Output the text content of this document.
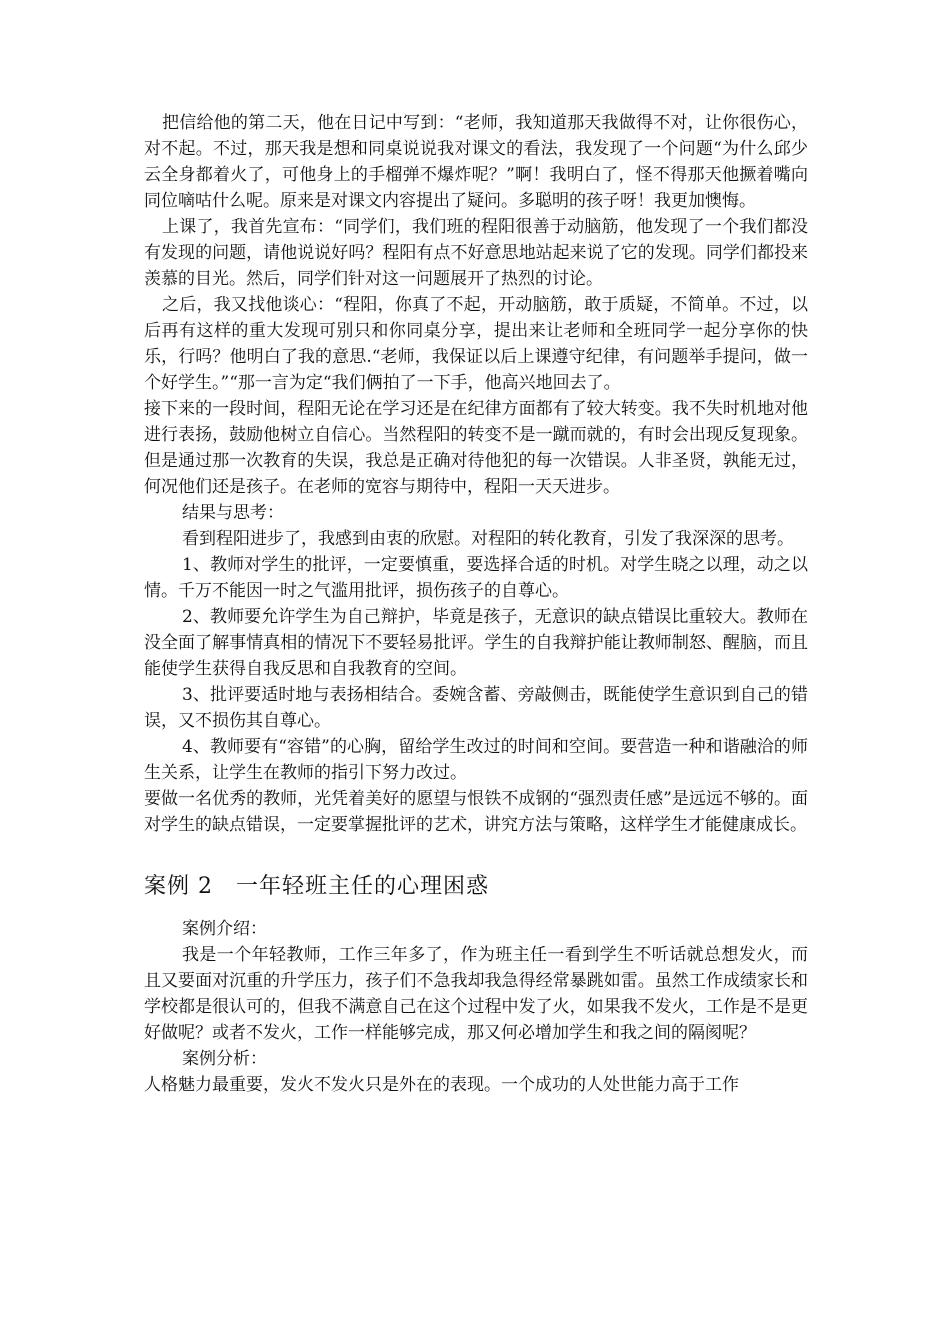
把信给他的第二天，他在日记中写到：“老师，我知道那天我做得不对，让你很伤心，对不起。不过，那天我是想和同桌说说我对课文的看法，我发现了一个问题“为什么邱少云全身都着火了，可他身上的手榴弹不爆炸呢？”啊！我明白了，怪不得那天他撅着嘴向同位嘀咕什么呢。原来是对课文内容提出了疑问。多聪明的孩子呀！我更加懊悔。

上课了，我首先宣布：“同学们，我们班的程阳很善于动脑筋，他发现了一个我们都没有发现的问题，请他说说好吗？程阳有点不好意思地站起来说了它的发现。同学们都投来羡慕的目光。然后，同学们针对这一问题展开了热烈的讨论。

之后，我又找他谈心：“程阳，你真了不起，开动脑筋，敢于质疑，不简单。不过，以后再有这样的重大发现可别只和你同桌分享，提出来让老师和全班同学一起分享你的快乐，行吗？他明白了我的意思.“老师，我保证以后上课遵守纪律，有问题举手提问，做一个好学生。”“那一言为定“我们俩拍了一下手，他高兴地回去了。

接下来的一段时间，程阳无论在学习还是在纪律方面都有了较大转变。我不失时机地对他进行表扬，鼓励他树立自信心。当然程阳的转变不是一蹴而就的，有时会出现反复现象。但是通过那一次教育的失误，我总是正确对待他犯的每一次错误。人非圣贤，孰能无过，何况他们还是孩子。在老师的宽容与期待中，程阳一天天进步。

结果与思考：

看到程阳进步了，我感到由衷的欣慰。对程阳的转化教育，引发了我深深的思考。

1、教师对学生的批评，一定要慎重，要选择合适的时机。对学生晓之以理，动之以情。千万不能因一时之气滥用批评，损伤孩子的自尊心。

2、教师要允许学生为自己辩护，毕竟是孩子，无意识的缺点错误比重较大。教师在没全面了解事情真相的情况下不要轻易批评。学生的自我辩护能让教师制怒、醒脑，而且能使学生获得自我反思和自我教育的空间。

3、批评要适时地与表扬相结合。委婉含蓄、旁敲侧击，既能使学生意识到自己的错误，又不损伤其自尊心。

4、教师要有“容错”的心胸，留给学生改过的时间和空间。要营造一种和谐融洽的师生关系，让学生在教师的指引下努力改过。

要做一名优秀的教师，光凭着美好的愿望与恨铁不成钢的“强烈责任感”是远远不够的。面对学生的缺点错误，一定要掌握批评的艺术，讲究方法与策略，这样学生才能健康成长。

案例 2　一年轻班主任的心理困惑

案例介绍：

我是一个年轻教师，工作三年多了，作为班主任一看到学生不听话就总想发火，而且又要面对沉重的升学压力，孩子们不急我却我急得经常暴跳如雷。虽然工作成绩家长和学校都是很认可的，但我不满意自己在这个过程中发了火，如果我不发火，工作是不是更好做呢？或者不发火，工作一样能够完成，那又何必增加学生和我之间的隔阂呢？

案例分析：

人格魅力最重要，发火不发火只是外在的表现。一个成功的人处世能力高于工作
